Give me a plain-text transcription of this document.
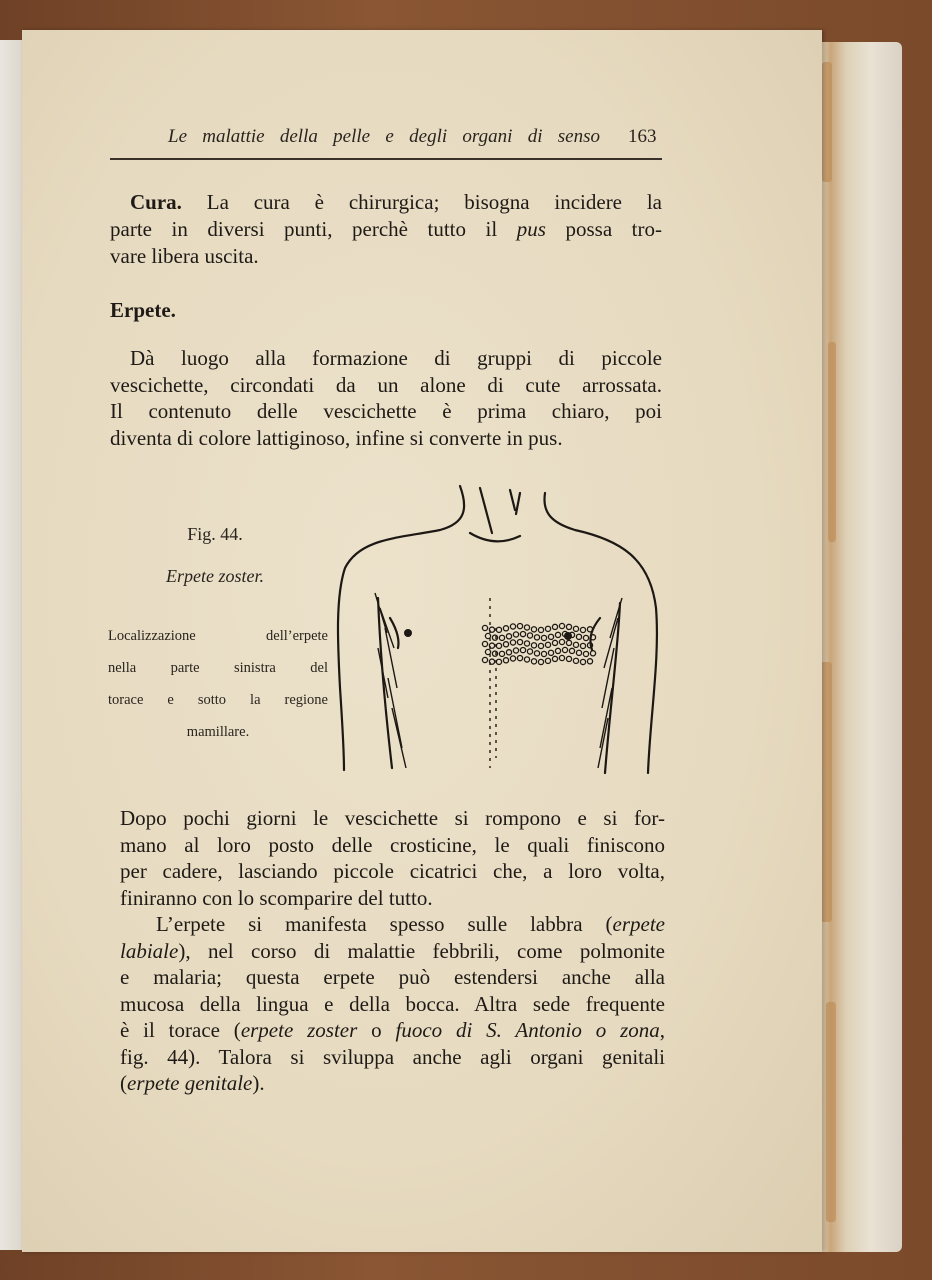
Le malattie della pelle e degli organi di senso 163
Cura. La cura è chirurgica; bisogna incidere la
parte in diversi punti, perchè tutto il pus possa tro-
vare libera uscita.
Erpete.
Dà luogo alla formazione di gruppi di piccole
vescichette, circondati da un alone di cute arrossata.
Il contenuto delle vescichette è prima chiaro, poi
diventa di colore lattiginoso, infine si converte in pus.
Fig. 44.
Erpete zoster.
Localizzazione dell’erpete
nella parte sinistra del
torace e sotto la regione
mamillare.
Dopo pochi giorni le vescichette si rompono e si for-
mano al loro posto delle crosticine, le quali finiscono
per cadere, lasciando piccole cicatrici che, a loro volta,
finiranno con lo scomparire del tutto.
L’erpete si manifesta spesso sulle labbra (erpete
labiale), nel corso di malattie febbrili, come polmonite
e malaria; questa erpete può estendersi anche alla
mucosa della lingua e della bocca. Altra sede frequente
è il torace (erpete zoster o fuoco di S. Antonio o zona,
fig. 44). Talora si sviluppa anche agli organi genitali
(erpete genitale).
